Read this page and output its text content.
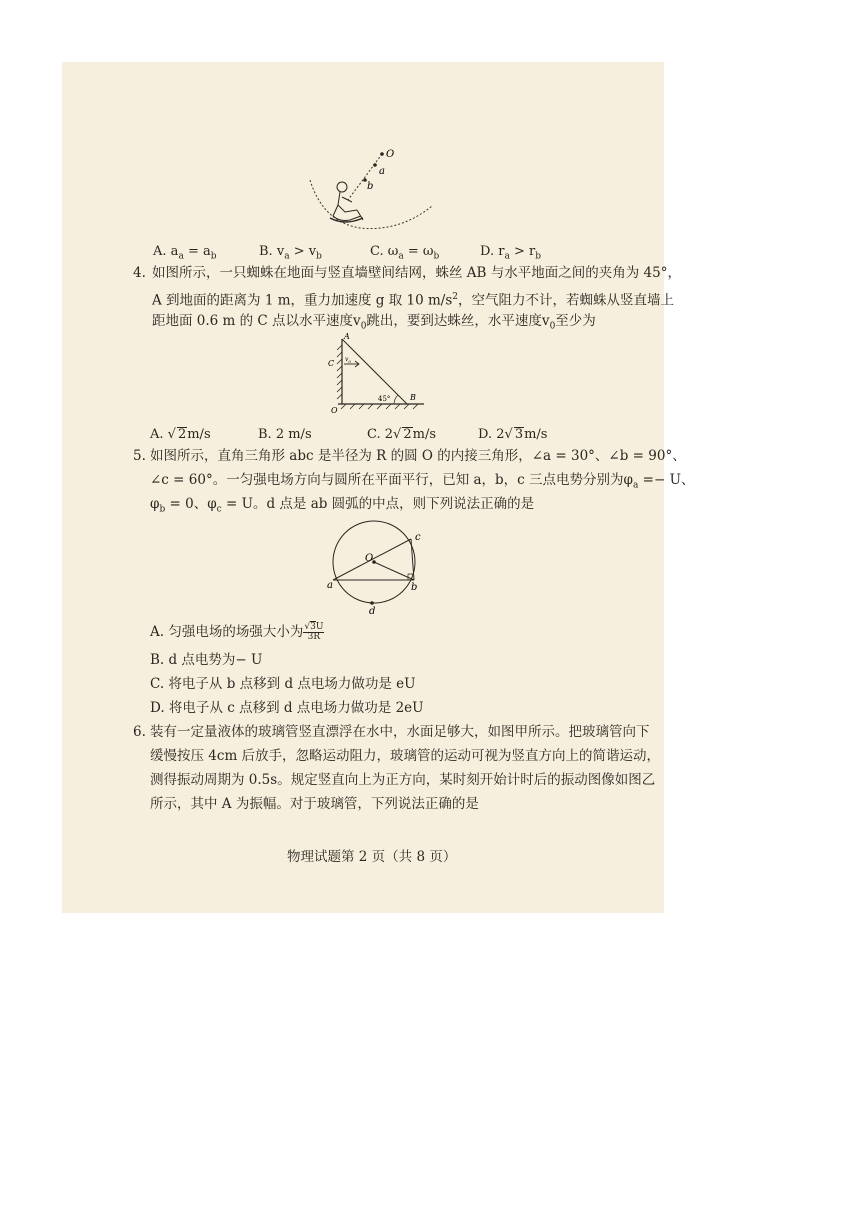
O
a
b
A. $a_a = a_b$	B. $v_a > v_b$	C. $\omega_a = \omega_b$	D. $r_a > r_b$
4. 如图所示，一只蜘蛛在地面与竖直墙壁间结网，蛛丝 AB 与水平地面之间的夹角为 45°，
A 到地面的距离为 1 m，重力加速度 g 取 10 $m/s^2$，空气阻力不计，若蜘蛛从竖直墙上
距地面 0.6 m 的 C 点以水平速度$v_0$跳出，要到达蛛丝，水平速度$v_0$至少为
A
C $v_0$
45° B
O
A. √ 2m/s	B. 2 m/s	C. 2√ 2m/s	D. 2√ 3m/s
5. 如图所示，直角三角形 abc 是半径为 R 的圆 O 的内接三角形，∠a = 30°、∠b = 90°、
∠c = 60°。一匀强电场方向与圆所在平面平行，已知 a，b，c 三点电势分别为$\varphi_a =- U$、
$\varphi_b = 0$、$\varphi_c = U$。d 点是 ab 圆弧的中点，则下列说法正确的是
O
a	b
c
d
A. 匀强电场的场强大小为 $\frac{√3U}{3R}$
B. d 点电势为− U
C. 将电子从 b 点移到 d 点电场力做功是 eU
D. 将电子从 c 点移到 d 点电场力做功是 2eU
6. 装有一定量液体的玻璃管竖直漂浮在水中，水面足够大，如图甲所示。把玻璃管向下
缓慢按压 4cm 后放手，忽略运动阻力，玻璃管的运动可视为竖直方向上的简谐运动，
测得振动周期为 0.5s。规定竖直向上为正方向，某时刻开始计时后的振动图像如图乙
所示，其中 A 为振幅。对于玻璃管，下列说法正确的是
物理试题第 2 页（共 8 页）
